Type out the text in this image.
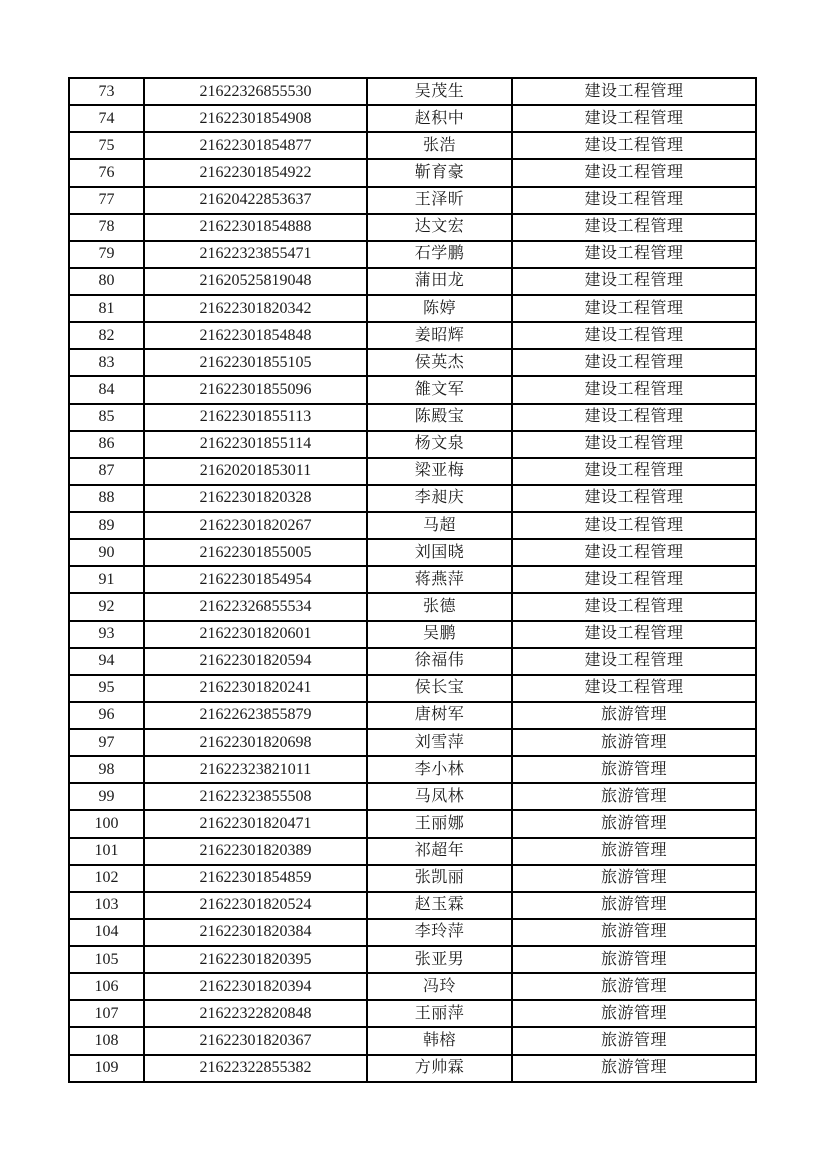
73	21622326855530	吴茂生	建设工程管理
74	21622301854908	赵积中	建设工程管理
75	21622301854877	张浩	建设工程管理
76	21622301854922	靳育豪	建设工程管理
77	21620422853637	王泽昕	建设工程管理
78	21622301854888	达文宏	建设工程管理
79	21622323855471	石学鹏	建设工程管理
80	21620525819048	蒲田龙	建设工程管理
81	21622301820342	陈婷	建设工程管理
82	21622301854848	姜昭辉	建设工程管理
83	21622301855105	侯英杰	建设工程管理
84	21622301855096	雒文军	建设工程管理
85	21622301855113	陈殿宝	建设工程管理
86	21622301855114	杨文泉	建设工程管理
87	21620201853011	梁亚梅	建设工程管理
88	21622301820328	李昶庆	建设工程管理
89	21622301820267	马超	建设工程管理
90	21622301855005	刘国晓	建设工程管理
91	21622301854954	蒋燕萍	建设工程管理
92	21622326855534	张德	建设工程管理
93	21622301820601	吴鹏	建设工程管理
94	21622301820594	徐福伟	建设工程管理
95	21622301820241	侯长宝	建设工程管理
96	21622623855879	唐树军	旅游管理
97	21622301820698	刘雪萍	旅游管理
98	21622323821011	李小林	旅游管理
99	21622323855508	马凤林	旅游管理
100	21622301820471	王丽娜	旅游管理
101	21622301820389	祁超年	旅游管理
102	21622301854859	张凯丽	旅游管理
103	21622301820524	赵玉霖	旅游管理
104	21622301820384	李玲萍	旅游管理
105	21622301820395	张亚男	旅游管理
106	21622301820394	冯玲	旅游管理
107	21622322820848	王丽萍	旅游管理
108	21622301820367	韩榕	旅游管理
109	21622322855382	方帅霖	旅游管理
